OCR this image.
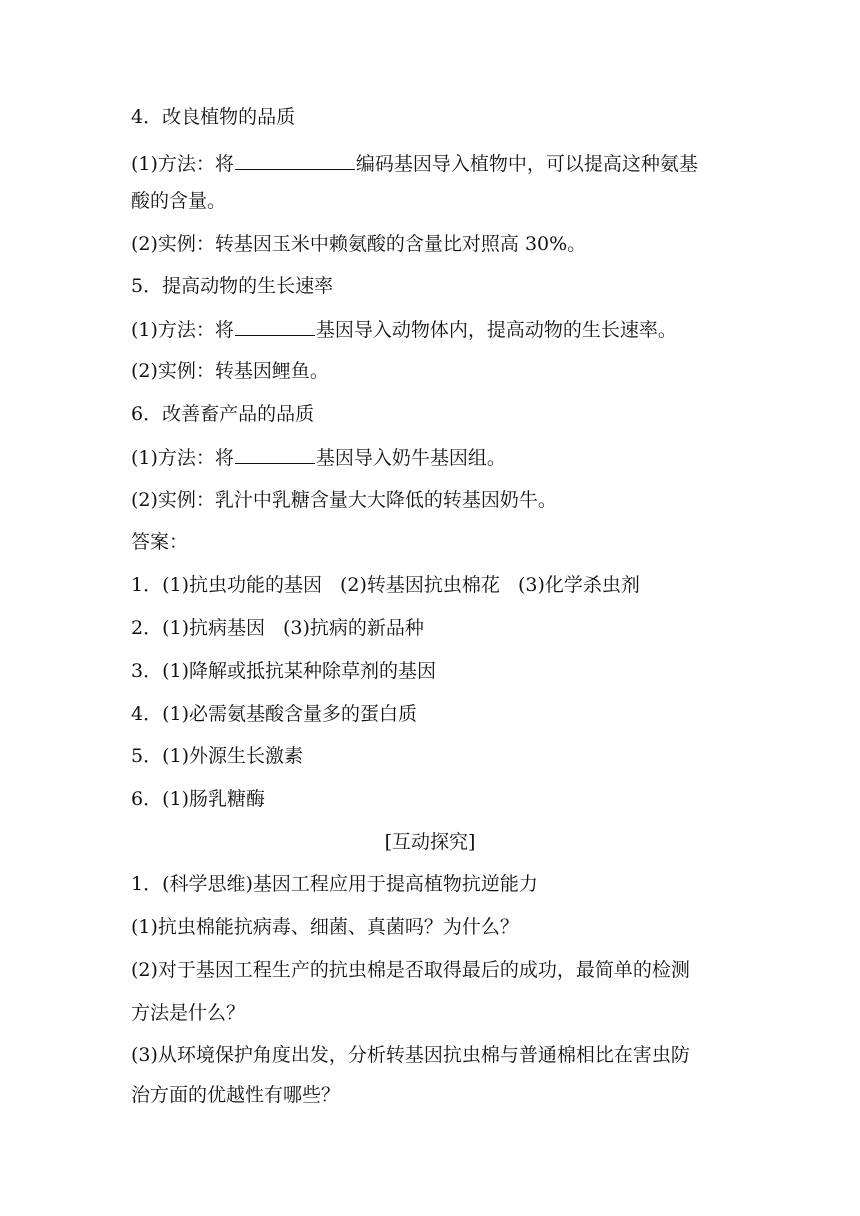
4．改良植物的品质
(1)方法：将	编码基因导入植物中，可以提高这种氨基
酸的含量。
(2)实例：转基因玉米中赖氨酸的含量比对照高 30%。
5．提高动物的生长速率
(1)方法：将	基因导入动物体内，提高动物的生长速率。
(2)实例：转基因鲤鱼。
6．改善畜产品的品质
(1)方法：将	基因导入奶牛基因组。
(2)实例：乳汁中乳糖含量大大降低的转基因奶牛。
答案：
1．(1)抗虫功能的基因 (2)转基因抗虫棉花 (3)化学杀虫剂
2．(1)抗病基因 (3)抗病的新品种
3．(1)降解或抵抗某种除草剂的基因
4．(1)必需氨基酸含量多的蛋白质
5．(1)外源生长激素
6．(1)肠乳糖酶
[互动探究]
1．(科学思维)基因工程应用于提高植物抗逆能力
(1)抗虫棉能抗病毒、细菌、真菌吗？为什么？
(2)对于基因工程生产的抗虫棉是否取得最后的成功，最简单的检测
方法是什么？
(3)从环境保护角度出发，分析转基因抗虫棉与普通棉相比在害虫防
治方面的优越性有哪些？
